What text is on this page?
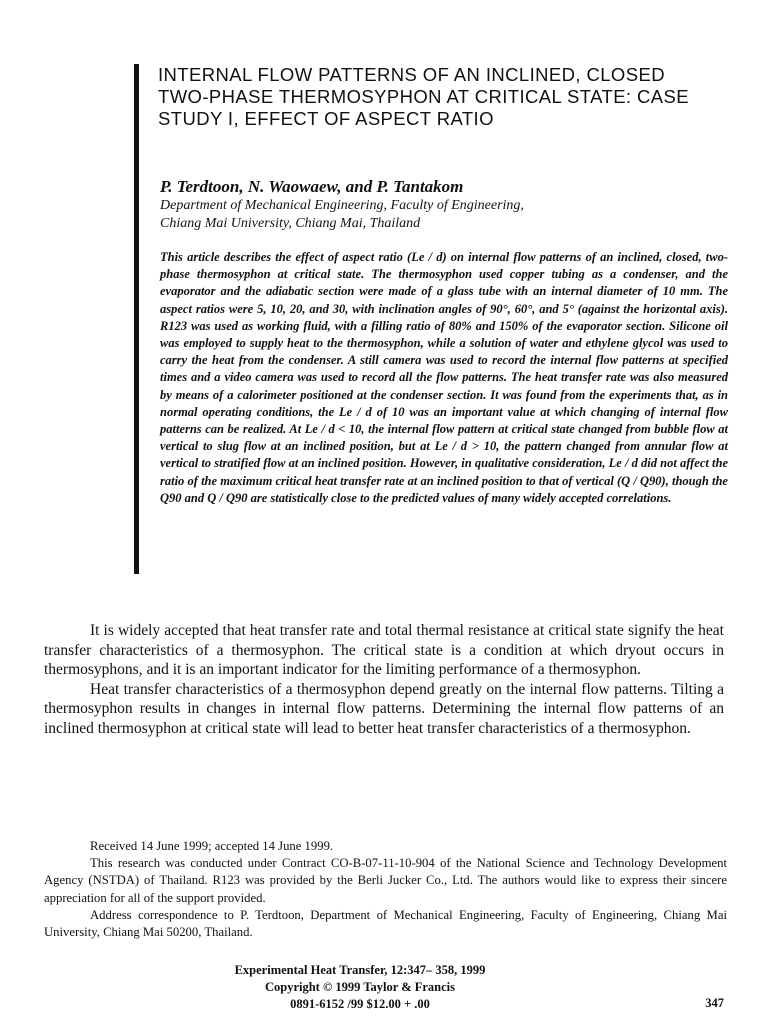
INTERNAL FLOW PATTERNS OF AN INCLINED, CLOSED TWO-PHASE THERMOSYPHON AT CRITICAL STATE: CASE STUDY I, EFFECT OF ASPECT RATIO
P. Terdtoon, N. Waowaew, and P. Tantakom
Department of Mechanical Engineering, Faculty of Engineering,
Chiang Mai University, Chiang Mai, Thailand

This article describes the effect of aspect ratio (Le / d) on internal flow patterns of an inclined, closed, two-phase thermosyphon at critical state. The thermosyphon used copper tubing as a condenser, and the evaporator and the adiabatic section were made of a glass tube with an internal diameter of 10 mm. The aspect ratios were 5, 10, 20, and 30, with inclination angles of 90°, 60°, and 5° (against the horizontal axis). R123 was used as working fluid, with a filling ratio of 80% and 150% of the evaporator section. Silicone oil was employed to supply heat to the thermosyphon, while a solution of water and ethylene glycol was used to carry the heat from the condenser. A still camera was used to record the internal flow patterns at specified times and a video camera was used to record all the flow patterns. The heat transfer rate was also measured by means of a calorimeter positioned at the condenser section. It was found from the experiments that, as in normal operating conditions, the Le / d of 10 was an important value at which changing of internal flow patterns can be realized. At Le / d < 10, the internal flow pattern at critical state changed from bubble flow at vertical to slug flow at an inclined position, but at Le / d > 10, the pattern changed from annular flow at vertical to stratified flow at an inclined position. However, in qualitative consideration, Le / d did not affect the ratio of the maximum critical heat transfer rate at an inclined position to that of vertical (Q / Q90), though the Q90 and Q / Q90 are statistically close to the predicted values of many widely accepted correlations.

It is widely accepted that heat transfer rate and total thermal resistance at critical state signify the heat transfer characteristics of a thermosyphon. The critical state is a condition at which dryout occurs in thermosyphons, and it is an important indicator for the limiting performance of a thermosyphon.

Heat transfer characteristics of a thermosyphon depend greatly on the internal flow patterns. Tilting a thermosyphon results in changes in internal flow patterns. Determining the internal flow patterns of an inclined thermosyphon at critical state will lead to better heat transfer characteristics of a thermosyphon.

Received 14 June 1999; accepted 14 June 1999.

This research was conducted under Contract CO-B-07-11-10-904 of the National Science and Technology Development Agency (NSTDA) of Thailand. R123 was provided by the Berli Jucker Co., Ltd. The authors would like to express their sincere appreciation for all of the support provided.

Address correspondence to P. Terdtoon, Department of Mechanical Engineering, Faculty of Engineering, Chiang Mai University, Chiang Mai 50200, Thailand.

Experimental Heat Transfer, 12:347– 358, 1999
Copyright © 1999 Taylor & Francis
0891-6152 /99 $12.00 + .00	347
